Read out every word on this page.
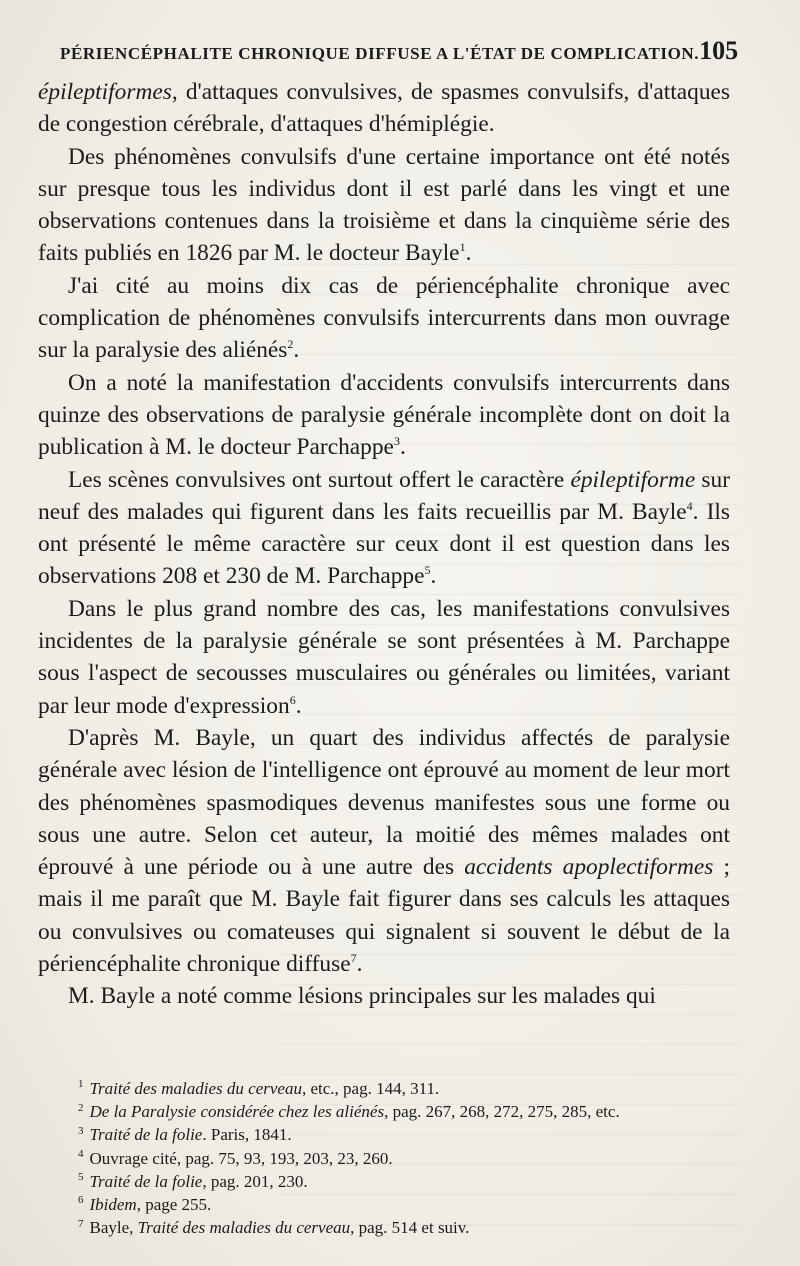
PÉRIENCÉPHALITE CHRONIQUE DIFFUSE A L'ÉTAT DE COMPLICATION. 105

épileptiformes, d'attaques convulsives, de spasmes convulsifs, d'attaques de congestion cérébrale, d'attaques d'hémiplégie.

Des phénomènes convulsifs d'une certaine importance ont été notés sur presque tous les individus dont il est parlé dans les vingt et une observations contenues dans la troisième et dans la cinquième série des faits publiés en 1826 par M. le docteur Bayle$^1$.

J'ai cité au moins dix cas de périencéphalite chronique avec complication de phénomènes convulsifs intercurrents dans mon ouvrage sur la paralysie des aliénés$^2$.

On a noté la manifestation d'accidents convulsifs intercurrents dans quinze des observations de paralysie générale incomplète dont on doit la publication à M. le docteur Parchappe$^3$.

Les scènes convulsives ont surtout offert le caractère épileptiforme sur neuf des malades qui figurent dans les faits recueillis par M. Bayle$^4$. Ils ont présenté le même caractère sur ceux dont il est question dans les observations 208 et 230 de M. Parchappe$^5$.

Dans le plus grand nombre des cas, les manifestations convulsives incidentes de la paralysie générale se sont présentées à M. Parchappe sous l'aspect de secousses musculaires ou générales ou limitées, variant par leur mode d'expression$^6$.

D'après M. Bayle, un quart des individus affectés de paralysie générale avec lésion de l'intelligence ont éprouvé au moment de leur mort des phénomènes spasmodiques devenus manifestes sous une forme ou sous une autre. Selon cet auteur, la moitié des mêmes malades ont éprouvé à une période ou à une autre des accidents apoplectiformes ; mais il me paraît que M. Bayle fait figurer dans ses calculs les attaques ou convulsives ou comateuses qui signalent si souvent le début de la périencéphalite chronique diffuse$^7$.

M. Bayle a noté comme lésions principales sur les malades qui

$^1$ Traité des maladies du cerveau, etc., pag. 144, 311.
$^2$ De la Paralysie considérée chez les aliénés, pag. 267, 268, 272, 275, 285, etc.
$^3$ Traité de la folie. Paris, 1841.
$^4$ Ouvrage cité, pag. 75, 93, 193, 203, 23, 260.
$^5$ Traité de la folie, pag. 201, 230.
$^6$ Ibidem, page 255.
$^7$ Bayle, Traité des maladies du cerveau, pag. 514 et suiv.
